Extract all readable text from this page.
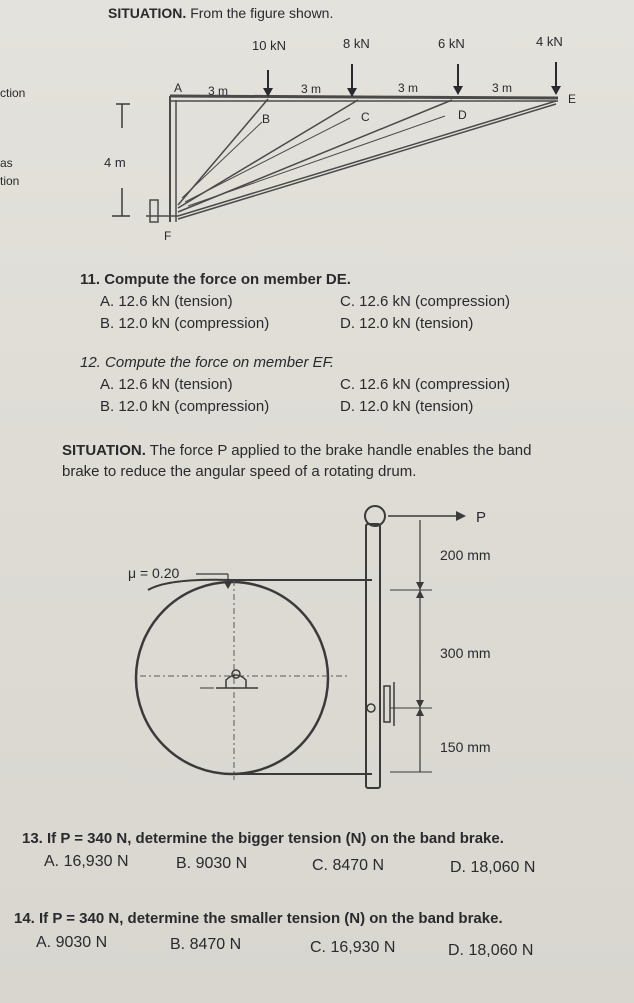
SITUATION. From the figure shown.
ction
as
tion
4 m
10 kN	8 kN	6 kN	4 kN
3 m	3 m	3 m	3 m
A
B	C	D
E
F
11. Compute the force on member DE.
A. 12.6 kN (tension)	C. 12.6 kN (compression)
B. 12.0 kN (compression)	D. 12.0 kN (tension)
12. Compute the force on member EF.
A. 12.6 kN (tension)	C. 12.6 kN (compression)
B. 12.0 kN (compression)	D. 12.0 kN (tension)
SITUATION. The force P applied to the brake handle enables the band
brake to reduce the angular speed of a rotating drum.
P
μ = 0.20
200 mm
300 mm
150 mm
13. If P = 340 N, determine the bigger tension (N) on the band brake.
A. 16,930 N	B. 9030 N	C. 8470 N	D. 18,060 N
14. If P = 340 N, determine the smaller tension (N) on the band brake.
A. 9030 N	B. 8470 N	C. 16,930 N	D. 18,060 N
